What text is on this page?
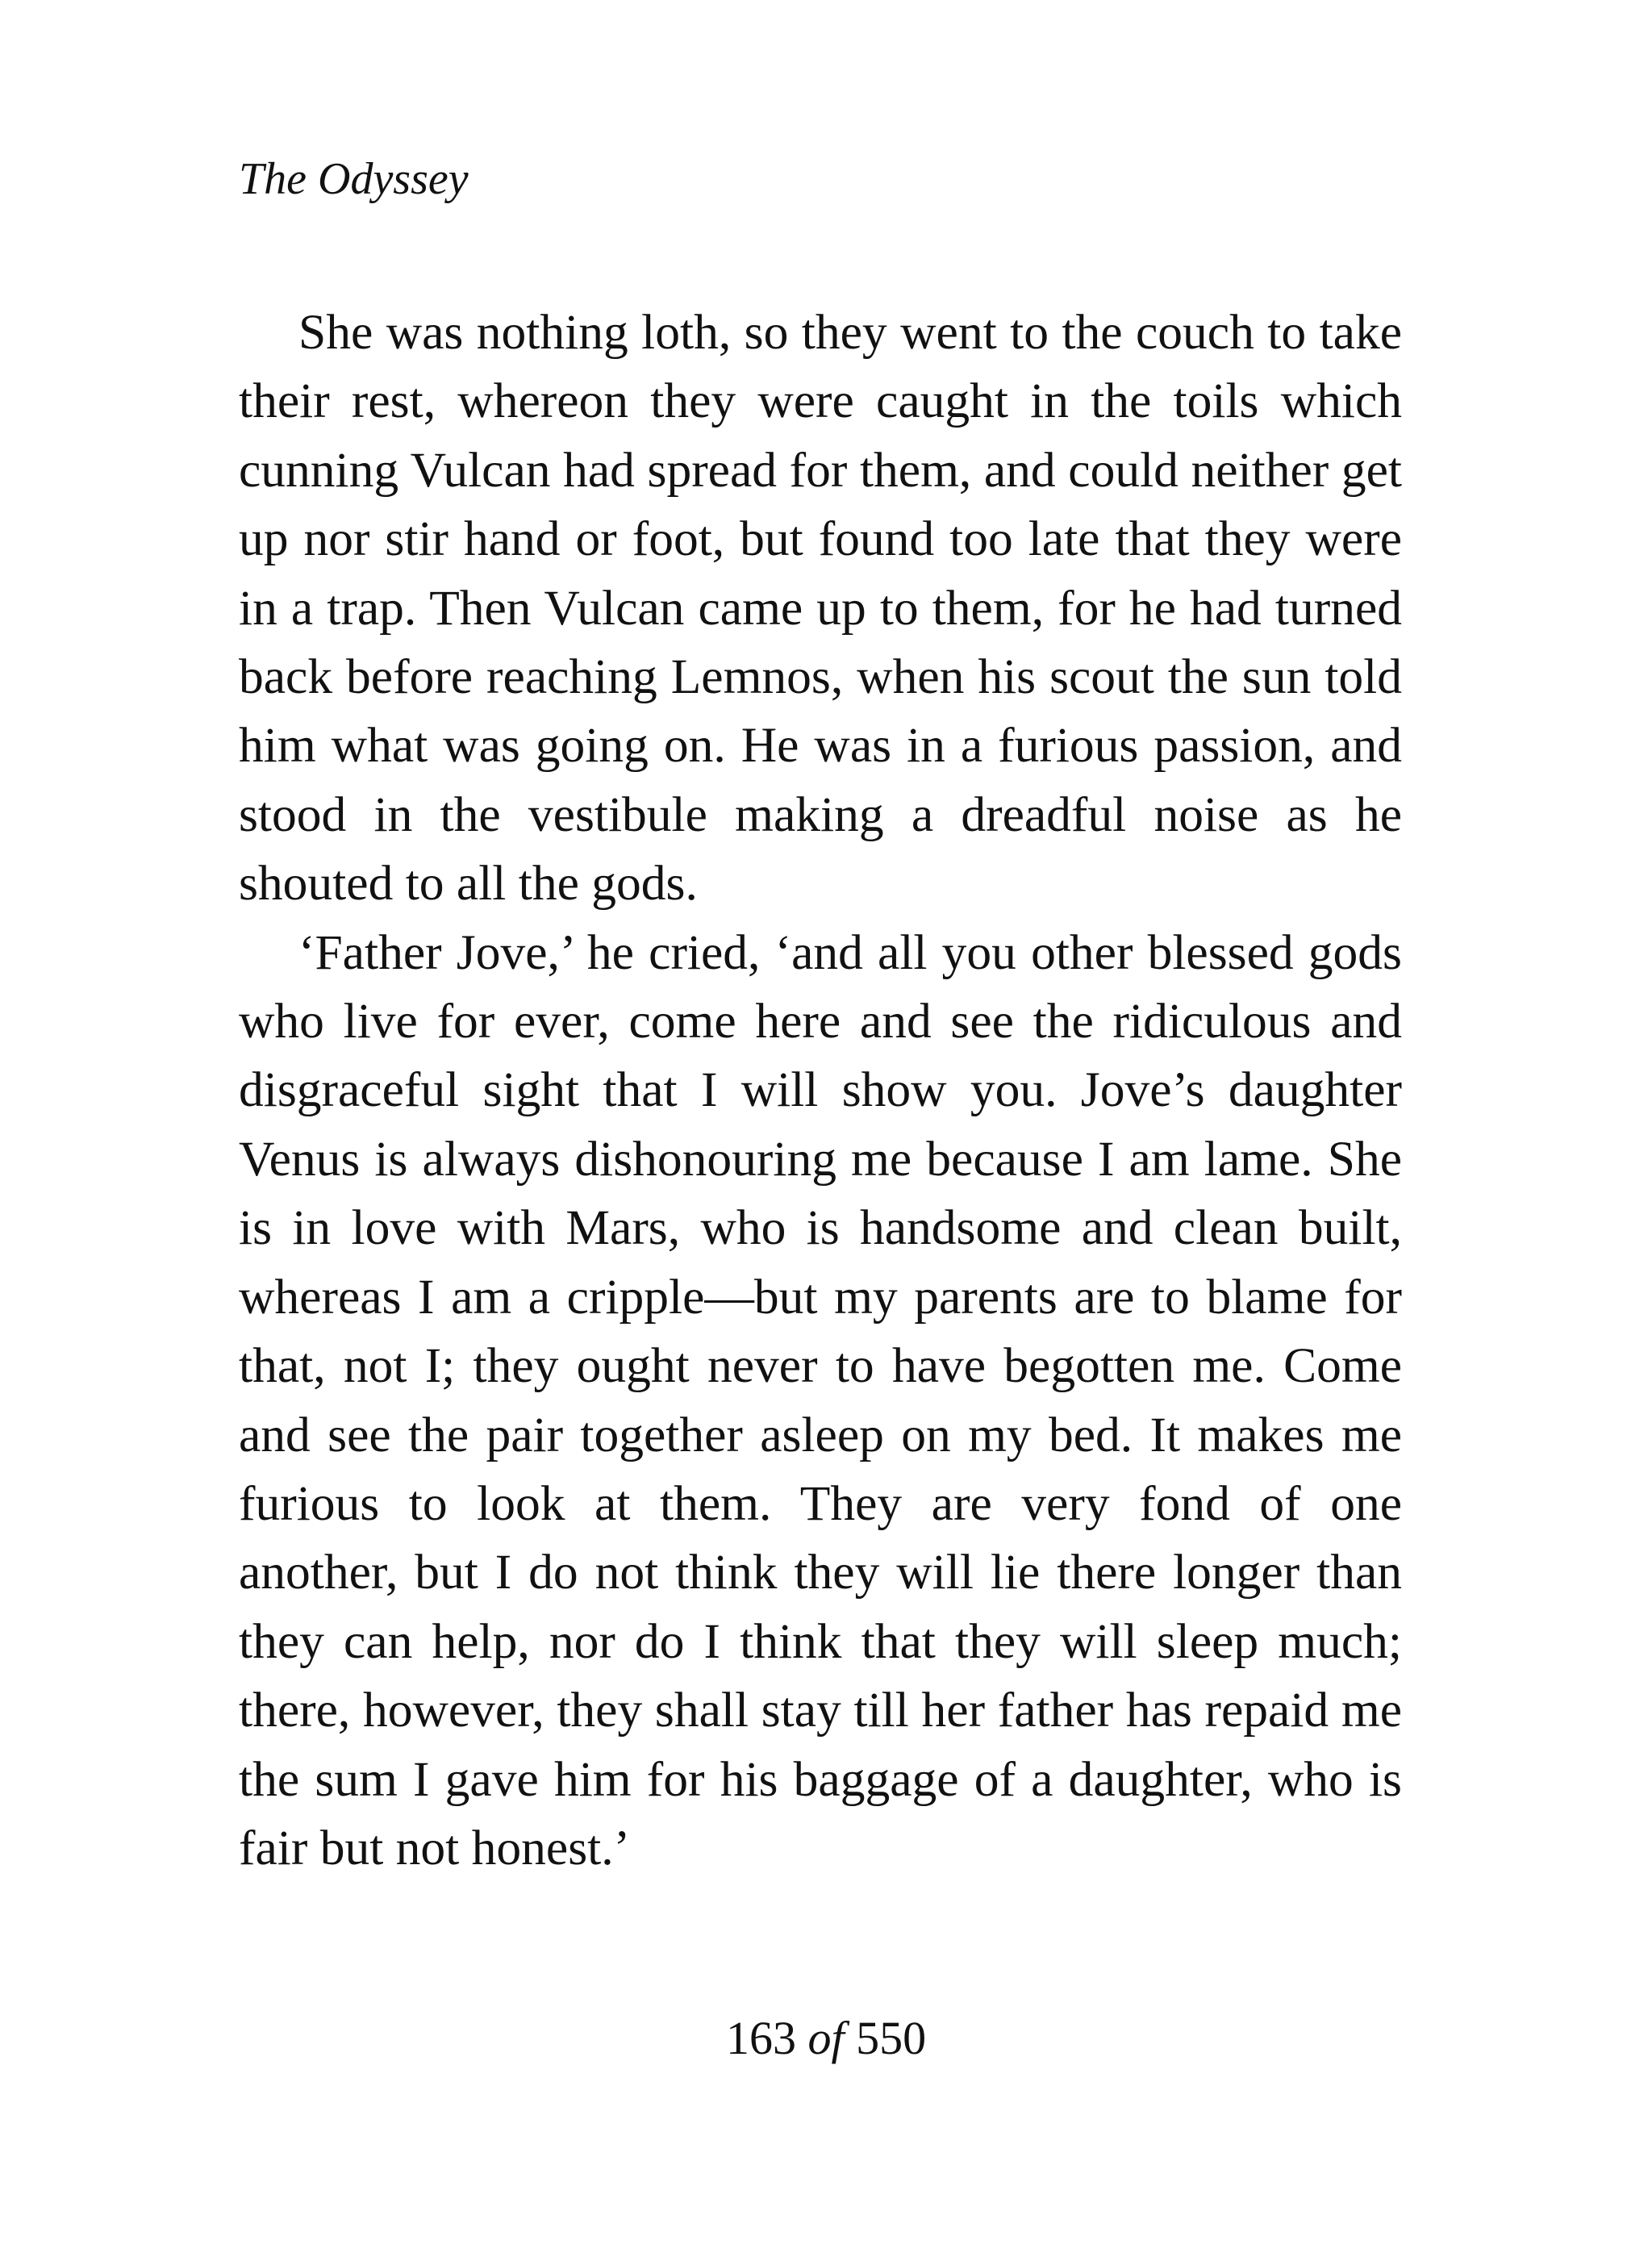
The Odyssey

She was nothing loth, so they went to the couch to take their rest, whereon they were caught in the toils which cunning Vulcan had spread for them, and could neither get up nor stir hand or foot, but found too late that they were in a trap. Then Vulcan came up to them, for he had turned back before reaching Lemnos, when his scout the sun told him what was going on. He was in a furious passion, and stood in the vestibule making a dreadful noise as he shouted to all the gods.

‘Father Jove,’ he cried, ‘and all you other blessed gods who live for ever, come here and see the ridiculous and disgraceful sight that I will show you. Jove’s daughter Venus is always dishonouring me because I am lame. She is in love with Mars, who is handsome and clean built, whereas I am a cripple—but my parents are to blame for that, not I; they ought never to have begotten me. Come and see the pair together asleep on my bed. It makes me furious to look at them. They are very fond of one another, but I do not think they will lie there longer than they can help, nor do I think that they will sleep much; there, however, they shall stay till her father has repaid me the sum I gave him for his baggage of a daughter, who is fair but not honest.’

163 of 550
